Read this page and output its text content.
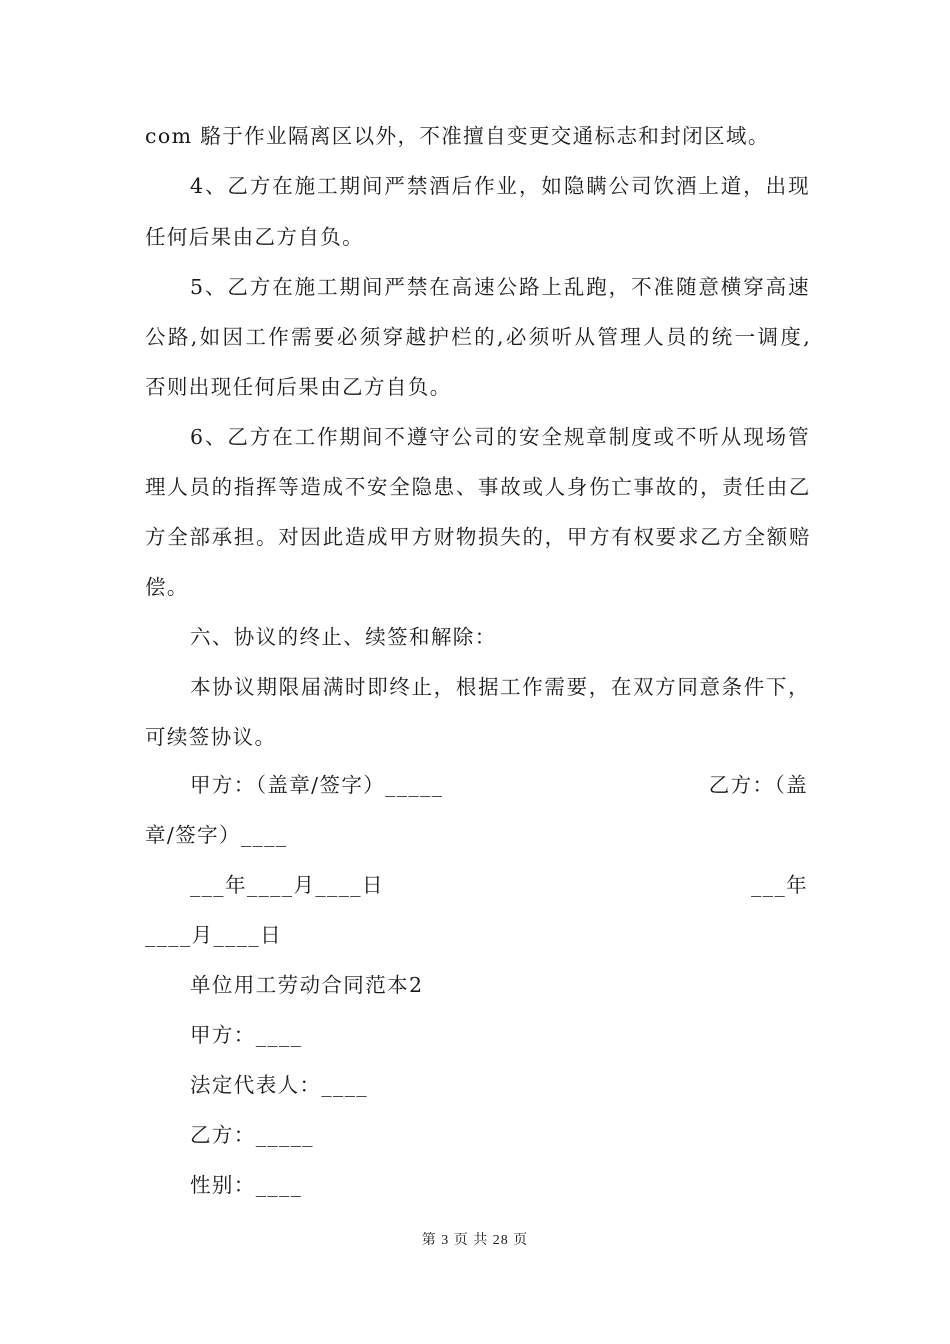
com 駱于作业隔离区以外，不准擅自变更交通标志和封闭区域。
4、乙方在施工期间严禁酒后作业，如隐瞒公司饮酒上道，出现
任何后果由乙方自负。
5、乙方在施工期间严禁在高速公路上乱跑，不准随意横穿高速
公路,如因工作需要必须穿越护栏的,必须听从管理人员的统一调度,
否则出现任何后果由乙方自负。
6、乙方在工作期间不遵守公司的安全规章制度或不听从现场管
理人员的指挥等造成不安全隐患、事故或人身伤亡事故的，责任由乙
方全部承担。对因此造成甲方财物损失的，甲方有权要求乙方全额赔
偿。
六、协议的终止、续签和解除：
本协议期限届满时即终止，根据工作需要，在双方同意条件下，
可续签协议。
甲方：（盖章/签字）_____	乙方：（盖
章/签字）____
___年____月____日	___年
____月____日
单位用工劳动合同范本2
甲方：____
法定代表人：____
乙方：_____
性别：____
第 3 页 共 28 页
